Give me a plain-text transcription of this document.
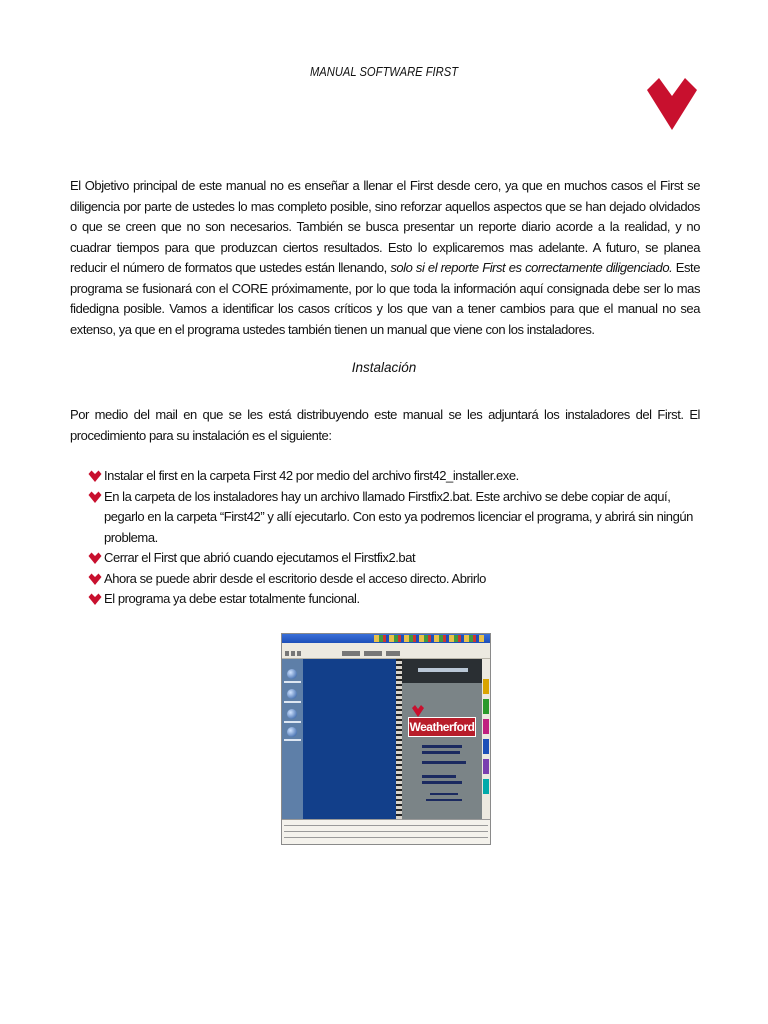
MANUAL SOFTWARE FIRST
El Objetivo principal de este manual no es enseñar a llenar el First desde cero, ya que en muchos casos el First se diligencia por parte de ustedes lo mas completo posible, sino reforzar aquellos aspectos que se han dejado olvidados o que se creen que no son necesarios. También se busca presentar un reporte diario acorde a la realidad, y no cuadrar tiempos para que produzcan ciertos resultados. Esto lo explicaremos mas adelante. A futuro, se planea reducir el número de formatos que ustedes están llenando, solo si el reporte First es correctamente diligenciado. Este programa se fusionará con el CORE próximamente, por lo que toda la información aquí consignada debe ser lo mas fidedigna posible. Vamos a identificar los casos críticos y los que van a tener cambios para que el manual no sea extenso, ya que en el programa ustedes también tienen un manual que viene con los instaladores.
Instalación
Por medio del mail en que se les está distribuyendo este manual se les adjuntará los instaladores del First. El procedimiento para su instalación es el siguiente:
Instalar el first en la carpeta First 42 por medio del archivo first42_installer.exe.
En la carpeta de los instaladores hay un archivo llamado Firstfix2.bat. Este archivo se debe copiar de aquí, pegarlo en la carpeta “First42” y allí ejecutarlo. Con esto ya podremos licenciar el programa, y abrirá sin ningún problema.
Cerrar el First que abrió cuando ejecutamos el Firstfix2.bat
Ahora se puede abrir desde el escritorio desde el acceso directo. Abrirlo
El programa ya debe estar totalmente funcional.
Weatherford
